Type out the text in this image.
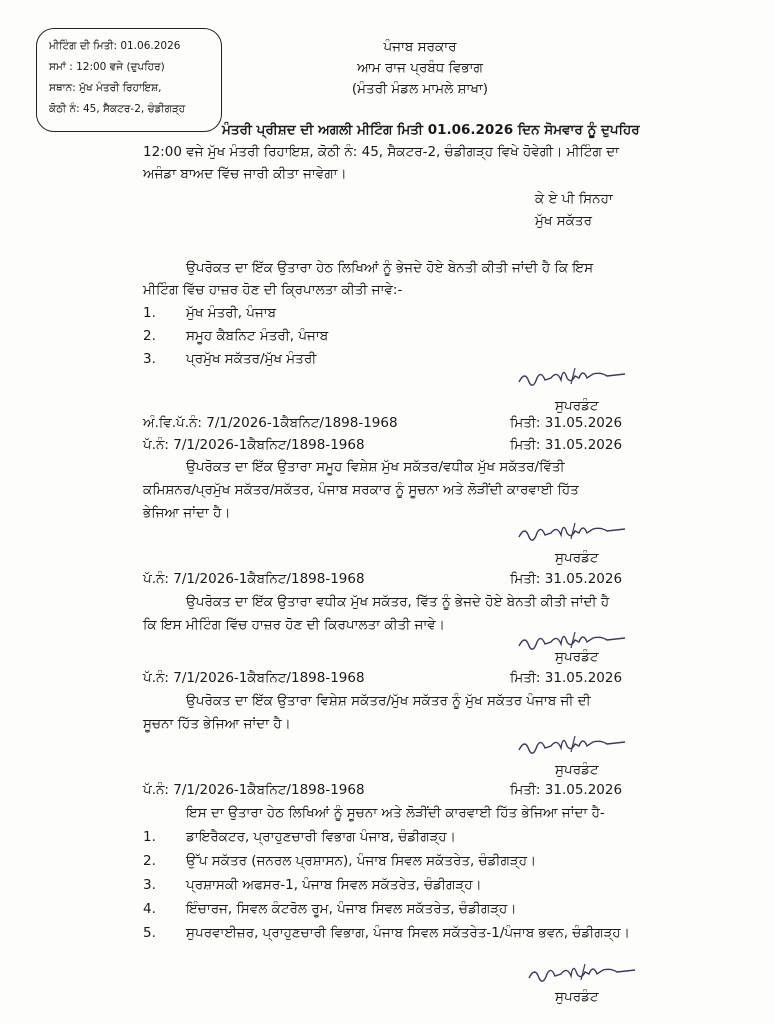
ਮੀਟਿੰਗ ਦੀ ਮਿਤੀ: 01.06.2026
ਸਮਾਂ : 12:00 ਵਜੇ (ਦੁਪਹਿਰ)
ਸਥਾਨ: ਮੁੱਖ ਮੰਤਰੀ ਰਿਹਾਇਸ਼,
ਕੋਠੀ ਨੰ: 45, ਸੈਕਟਰ-2, ਚੰਡੀਗੜ੍ਹ
ਪੰਜਾਬ ਸਰਕਾਰ
ਆਮ ਰਾਜ ਪ੍ਰਬੰਧ ਵਿਭਾਗ
(ਮੰਤਰੀ ਮੰਡਲ ਮਾਮਲੇ ਸ਼ਾਖਾ)
ਮੰਤਰੀ ਪ੍ਰੀਸ਼ਦ ਦੀ ਅਗਲੀ ਮੀਟਿੰਗ ਮਿਤੀ 01.06.2026 ਦਿਨ ਸੋਮਵਾਰ ਨੂੰ ਦੁਪਹਿਰ
12:00 ਵਜੇ ਮੁੱਖ ਮੰਤਰੀ ਰਿਹਾਇਸ਼, ਕੋਠੀ ਨੰ: 45, ਸੈਕਟਰ-2, ਚੰਡੀਗੜ੍ਹ ਵਿਖੇ ਹੋਵੇਗੀ। ਮੀਟਿੰਗ ਦਾ
ਅਜੰਡਾ ਬਾਅਦ ਵਿੱਚ ਜਾਰੀ ਕੀਤਾ ਜਾਵੇਗਾ।
ਕੇ ਏ ਪੀ ਸਿਨਹਾ
ਮੁੱਖ ਸਕੱਤਰ
ਉਪਰੋਕਤ ਦਾ ਇੱਕ ਉਤਾਰਾ ਹੇਠ ਲਿਖਿਆਂ ਨੂੰ ਭੇਜਦੇ ਹੋਏ ਬੇਨਤੀ ਕੀਤੀ ਜਾਂਦੀ ਹੈ ਕਿ ਇਸ
ਮੀਟਿੰਗ ਵਿੱਚ ਹਾਜ਼ਰ ਹੋਣ ਦੀ ਕ੍ਰਿਪਾਲਤਾ ਕੀਤੀ ਜਾਵੇ:-
1. ਮੁੱਖ ਮੰਤਰੀ, ਪੰਜਾਬ
2. ਸਮੂਹ ਕੈਬਨਿਟ ਮੰਤਰੀ, ਪੰਜਾਬ
3. ਪ੍ਰਮੁੱਖ ਸਕੱਤਰ/ਮੁੱਖ ਮੰਤਰੀ
ਸੁਪਰਡੰਟ
ਅੰ.ਵਿ.ਪੱ.ਨੰ: 7/1/2026-1ਕੈਬਨਿਟ/1898-1968	ਮਿਤੀ: 31.05.2026
ਪੱ.ਨੰ: 7/1/2026-1ਕੈਬਨਿਟ/1898-1968	ਮਿਤੀ: 31.05.2026
ਉਪਰੋਕਤ ਦਾ ਇੱਕ ਉਤਾਰਾ ਸਮੂਹ ਵਿਸ਼ੇਸ਼ ਮੁੱਖ ਸਕੱਤਰ/ਵਧੀਕ ਮੁੱਖ ਸਕੱਤਰ/ਵਿੱਤੀ
ਕਮਿਸ਼ਨਰ/ਪ੍ਰਮੁੱਖ ਸਕੱਤਰ/ਸਕੱਤਰ, ਪੰਜਾਬ ਸਰਕਾਰ ਨੂੰ ਸੂਚਨਾ ਅਤੇ ਲੋੜੀਂਦੀ ਕਾਰਵਾਈ ਹਿੱਤ
ਭੇਜਿਆ ਜਾਂਦਾ ਹੈ।
ਸੁਪਰਡੰਟ
ਪੱ.ਨੰ: 7/1/2026-1ਕੈਬਨਿਟ/1898-1968	ਮਿਤੀ: 31.05.2026
ਉਪਰੋਕਤ ਦਾ ਇੱਕ ਉਤਾਰਾ ਵਧੀਕ ਮੁੱਖ ਸਕੱਤਰ, ਵਿੱਤ ਨੂੰ ਭੇਜਦੇ ਹੋਏ ਬੇਨਤੀ ਕੀਤੀ ਜਾਂਦੀ ਹੈ
ਕਿ ਇਸ ਮੀਟਿੰਗ ਵਿੱਚ ਹਾਜ਼ਰ ਹੋਣ ਦੀ ਕਿਰਪਾਲਤਾ ਕੀਤੀ ਜਾਵੇ।
ਸੁਪਰਡੰਟ
ਪੱ.ਨੰ: 7/1/2026-1ਕੈਬਨਿਟ/1898-1968	ਮਿਤੀ: 31.05.2026
ਉਪਰੋਕਤ ਦਾ ਇੱਕ ਉਤਾਰਾ ਵਿਸ਼ੇਸ਼ ਸਕੱਤਰ/ਮੁੱਖ ਸਕੱਤਰ ਨੂੰ ਮੁੱਖ ਸਕੱਤਰ ਪੰਜਾਬ ਜੀ ਦੀ
ਸੂਚਨਾ ਹਿੱਤ ਭੇਜਿਆ ਜਾਂਦਾ ਹੈ।
ਸੁਪਰਡੰਟ
ਪੱ.ਨੰ: 7/1/2026-1ਕੈਬਨਿਟ/1898-1968	ਮਿਤੀ: 31.05.2026
ਇਸ ਦਾ ਉਤਾਰਾ ਹੇਠ ਲਿਖਿਆਂ ਨੂੰ ਸੂਚਨਾ ਅਤੇ ਲੋੜੀਂਦੀ ਕਾਰਵਾਈ ਹਿੱਤ ਭੇਜਿਆ ਜਾਂਦਾ ਹੈ-
1. ਡਾਇਰੈਕਟਰ, ਪ੍ਰਾਹੁਣਚਾਰੀ ਵਿਭਾਗ ਪੰਜਾਬ, ਚੰਡੀਗੜ੍ਹ।
2. ਉੱਪ ਸਕੱਤਰ (ਜਨਰਲ ਪ੍ਰਸ਼ਾਸਨ), ਪੰਜਾਬ ਸਿਵਲ ਸਕੱਤਰੇਤ, ਚੰਡੀਗੜ੍ਹ।
3. ਪ੍ਰਸ਼ਾਸਕੀ ਅਫਸਰ-1, ਪੰਜਾਬ ਸਿਵਲ ਸਕੱਤਰੇਤ, ਚੰਡੀਗੜ੍ਹ।
4. ਇੰਚਾਰਜ, ਸਿਵਲ ਕੰਟਰੋਲ ਰੂਮ, ਪੰਜਾਬ ਸਿਵਲ ਸਕੱਤਰੇਤ, ਚੰਡੀਗੜ੍ਹ।
5. ਸੁਪਰਵਾਈਜ਼ਰ, ਪ੍ਰਾਹੁਣਚਾਰੀ ਵਿਭਾਗ, ਪੰਜਾਬ ਸਿਵਲ ਸਕੱਤਰੇਤ-1/ਪੰਜਾਬ ਭਵਨ, ਚੰਡੀਗੜ੍ਹ।
ਸੁਪਰਡੰਟ
